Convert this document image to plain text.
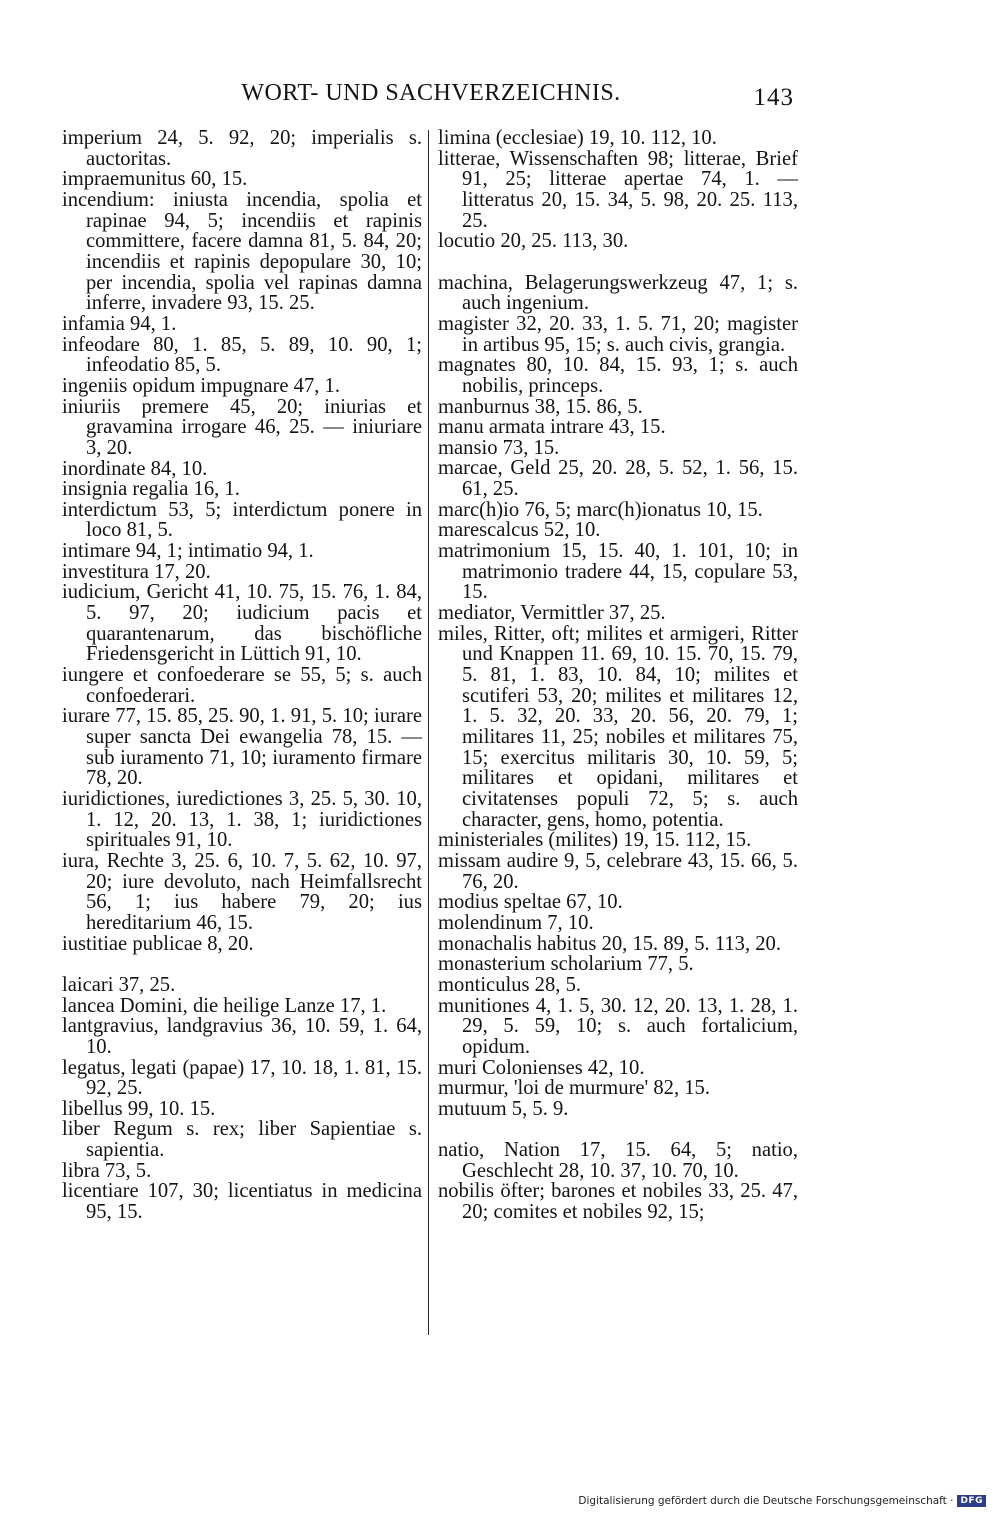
WORT- UND SACHVERZEICHNIS.	143
imperium 24, 5. 92, 20; imperialis s. auctoritas.
impraemunitus 60, 15.
incendium: iniusta incendia, spolia et rapinae 94, 5; incendiis et rapinis committere, facere damna 81, 5. 84, 20; incendiis et rapinis depopulare 30, 10; per incendia, spolia vel rapinas damna inferre, invadere 93, 15. 25.
infamia 94, 1.
infeodare 80, 1. 85, 5. 89, 10. 90, 1; infeodatio 85, 5.
ingeniis opidum impugnare 47, 1.
iniuriis premere 45, 20; iniurias et gravamina irrogare 46, 25. — iniuriare 3, 20.
inordinate 84, 10.
insignia regalia 16, 1.
interdictum 53, 5; interdictum ponere in loco 81, 5.
intimare 94, 1; intimatio 94, 1.
investitura 17, 20.
iudicium, Gericht 41, 10. 75, 15. 76, 1. 84, 5. 97, 20; iudicium pacis et quarantenarum, das bischöfliche Friedensgericht in Lüttich 91, 10.
iungere et confoederare se 55, 5; s. auch confoederari.
iurare 77, 15. 85, 25. 90, 1. 91, 5. 10; iurare super sancta Dei ewangelia 78, 15. — sub iuramento 71, 10; iuramento firmare 78, 20.
iuridictiones, iuredictiones 3, 25. 5, 30. 10, 1. 12, 20. 13, 1. 38, 1; iuridictiones spirituales 91, 10.
iura, Rechte 3, 25. 6, 10. 7, 5. 62, 10. 97, 20; iure devoluto, nach Heimfallsrecht 56, 1; ius habere 79, 20; ius hereditarium 46, 15.
iustitiae publicae 8, 20.
laicari 37, 25.
lancea Domini, die heilige Lanze 17, 1.
lantgravius, landgravius 36, 10. 59, 1. 64, 10.
legatus, legati (papae) 17, 10. 18, 1. 81, 15. 92, 25.
libellus 99, 10. 15.
liber Regum s. rex; liber Sapientiae s. sapientia.
libra 73, 5.
licentiare 107, 30; licentiatus in medicina 95, 15.
limina (ecclesiae) 19, 10. 112, 10.
litterae, Wissenschaften 98; litterae, Brief 91, 25; litterae apertae 74, 1. — litteratus 20, 15. 34, 5. 98, 20. 25. 113, 25.
locutio 20, 25. 113, 30.
machina, Belagerungswerkzeug 47, 1; s. auch ingenium.
magister 32, 20. 33, 1. 5. 71, 20; magister in artibus 95, 15; s. auch civis, grangia.
magnates 80, 10. 84, 15. 93, 1; s. auch nobilis, princeps.
manburnus 38, 15. 86, 5.
manu armata intrare 43, 15.
mansio 73, 15.
marcae, Geld 25, 20. 28, 5. 52, 1. 56, 15. 61, 25.
marc(h)io 76, 5; marc(h)ionatus 10, 15.
marescalcus 52, 10.
matrimonium 15, 15. 40, 1. 101, 10; in matrimonio tradere 44, 15, copulare 53, 15.
mediator, Vermittler 37, 25.
miles, Ritter, oft; milites et armigeri, Ritter und Knappen 11. 69, 10. 15. 70, 15. 79, 5. 81, 1. 83, 10. 84, 10; milites et scutiferi 53, 20; milites et militares 12, 1. 5. 32, 20. 33, 20. 56, 20. 79, 1; militares 11, 25; nobiles et militares 75, 15; exercitus militaris 30, 10. 59, 5; militares et opidani, militares et civitatenses populi 72, 5; s. auch character, gens, homo, potentia.
ministeriales (milites) 19, 15. 112, 15.
missam audire 9, 5, celebrare 43, 15. 66, 5. 76, 20.
modius speltae 67, 10.
molendinum 7, 10.
monachalis habitus 20, 15. 89, 5. 113, 20.
monasterium scholarium 77, 5.
monticulus 28, 5.
munitiones 4, 1. 5, 30. 12, 20. 13, 1. 28, 1. 29, 5. 59, 10; s. auch fortalicium, opidum.
muri Colonienses 42, 10.
murmur, 'loi de murmure' 82, 15.
mutuum 5, 5. 9.
natio, Nation 17, 15. 64, 5; natio, Geschlecht 28, 10. 37, 10. 70, 10.
nobilis öfter; barones et nobiles 33, 25. 47, 20; comites et nobiles 92, 15;
Digitalisierung gefördert durch die Deutsche Forschungsgemeinschaft · DFG
